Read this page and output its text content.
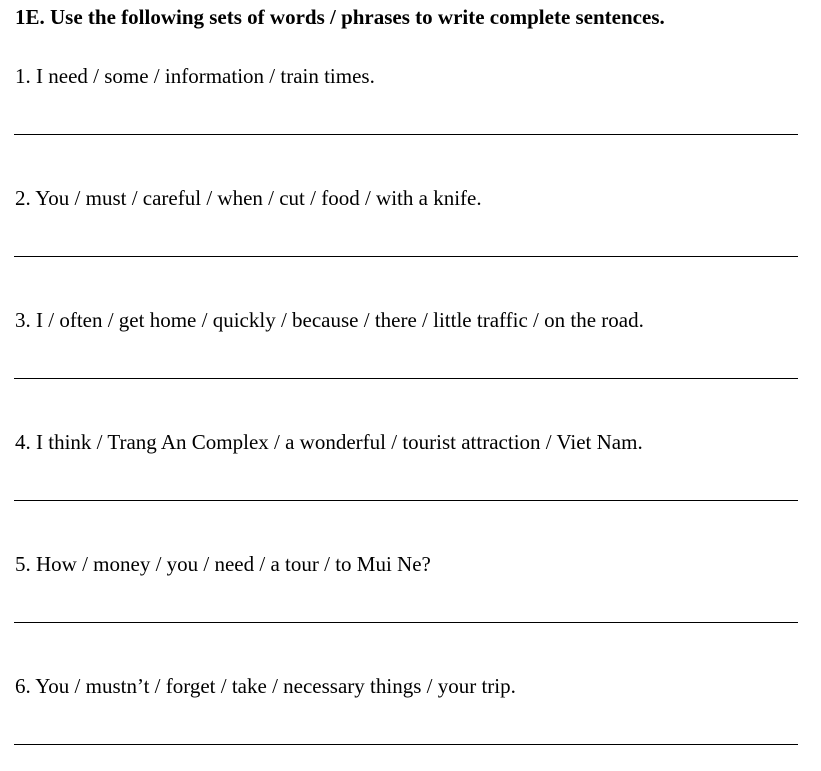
1E. Use the following sets of words / phrases to write complete sentences.
1. I need / some / information / train times.
2. You / must / careful / when / cut / food / with a knife.
3. I / often / get home / quickly / because / there / little traffic / on the road.
4. I think / Trang An Complex / a wonderful / tourist attraction / Viet Nam.
5. How / money / you / need / a tour / to Mui Ne?
6. You / mustn’t / forget / take / necessary things / your trip.
